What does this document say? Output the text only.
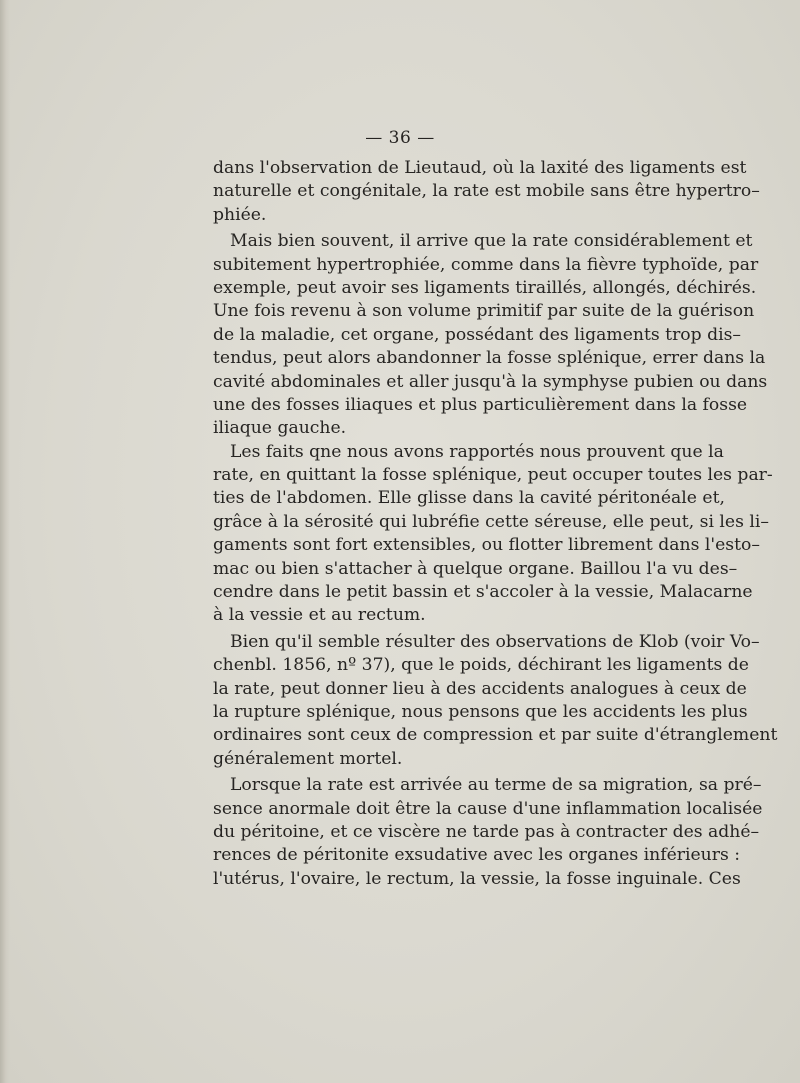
— 36 —
dans l'observation de Lieutaud, où la laxité des ligaments est
naturelle et congénitale, la rate est mobile sans être hypertro–
phiée.
Mais bien souvent, il arrive que la rate considérablement et
subitement hypertrophiée, comme dans la fièvre typhoïde, par
exemple, peut avoir ses ligaments tiraillés, allongés, déchirés.
Une fois revenu à son volume primitif par suite de la guérison
de la maladie, cet organe, possédant des ligaments trop dis–
tendus, peut alors abandonner la fosse splénique, errer dans la
cavité abdominales et aller jusqu'à la symphyse pubien ou dans
une des fosses iliaques et plus particulièrement dans la fosse
iliaque gauche.
Les faits qne nous avons rapportés nous prouvent que la
rate, en quittant la fosse splénique, peut occuper toutes les par-
ties de l'abdomen. Elle glisse dans la cavité péritonéale et,
grâce à la sérosité qui lubréfie cette séreuse, elle peut, si les li–
gaments sont fort extensibles, ou flotter librement dans l'esto–
mac ou bien s'attacher à quelque organe. Baillou l'a vu des–
cendre dans le petit bassin et s'accoler à la vessie, Malacarne
à la vessie et au rectum.
Bien qu'il semble résulter des observations de Klob (voir Vo–
chenbl. 1856, nº 37), que le poids, déchirant les ligaments de
la rate, peut donner lieu à des accidents analogues à ceux de
la rupture splénique, nous pensons que les accidents les plus
ordinaires sont ceux de compression et par suite d'étranglement
généralement mortel.
Lorsque la rate est arrivée au terme de sa migration, sa pré–
sence anormale doit être la cause d'une inflammation localisée
du péritoine, et ce viscère ne tarde pas à contracter des adhé–
rences de péritonite exsudative avec les organes inférieurs :
l'utérus, l'ovaire, le rectum, la vessie, la fosse inguinale. Ces
